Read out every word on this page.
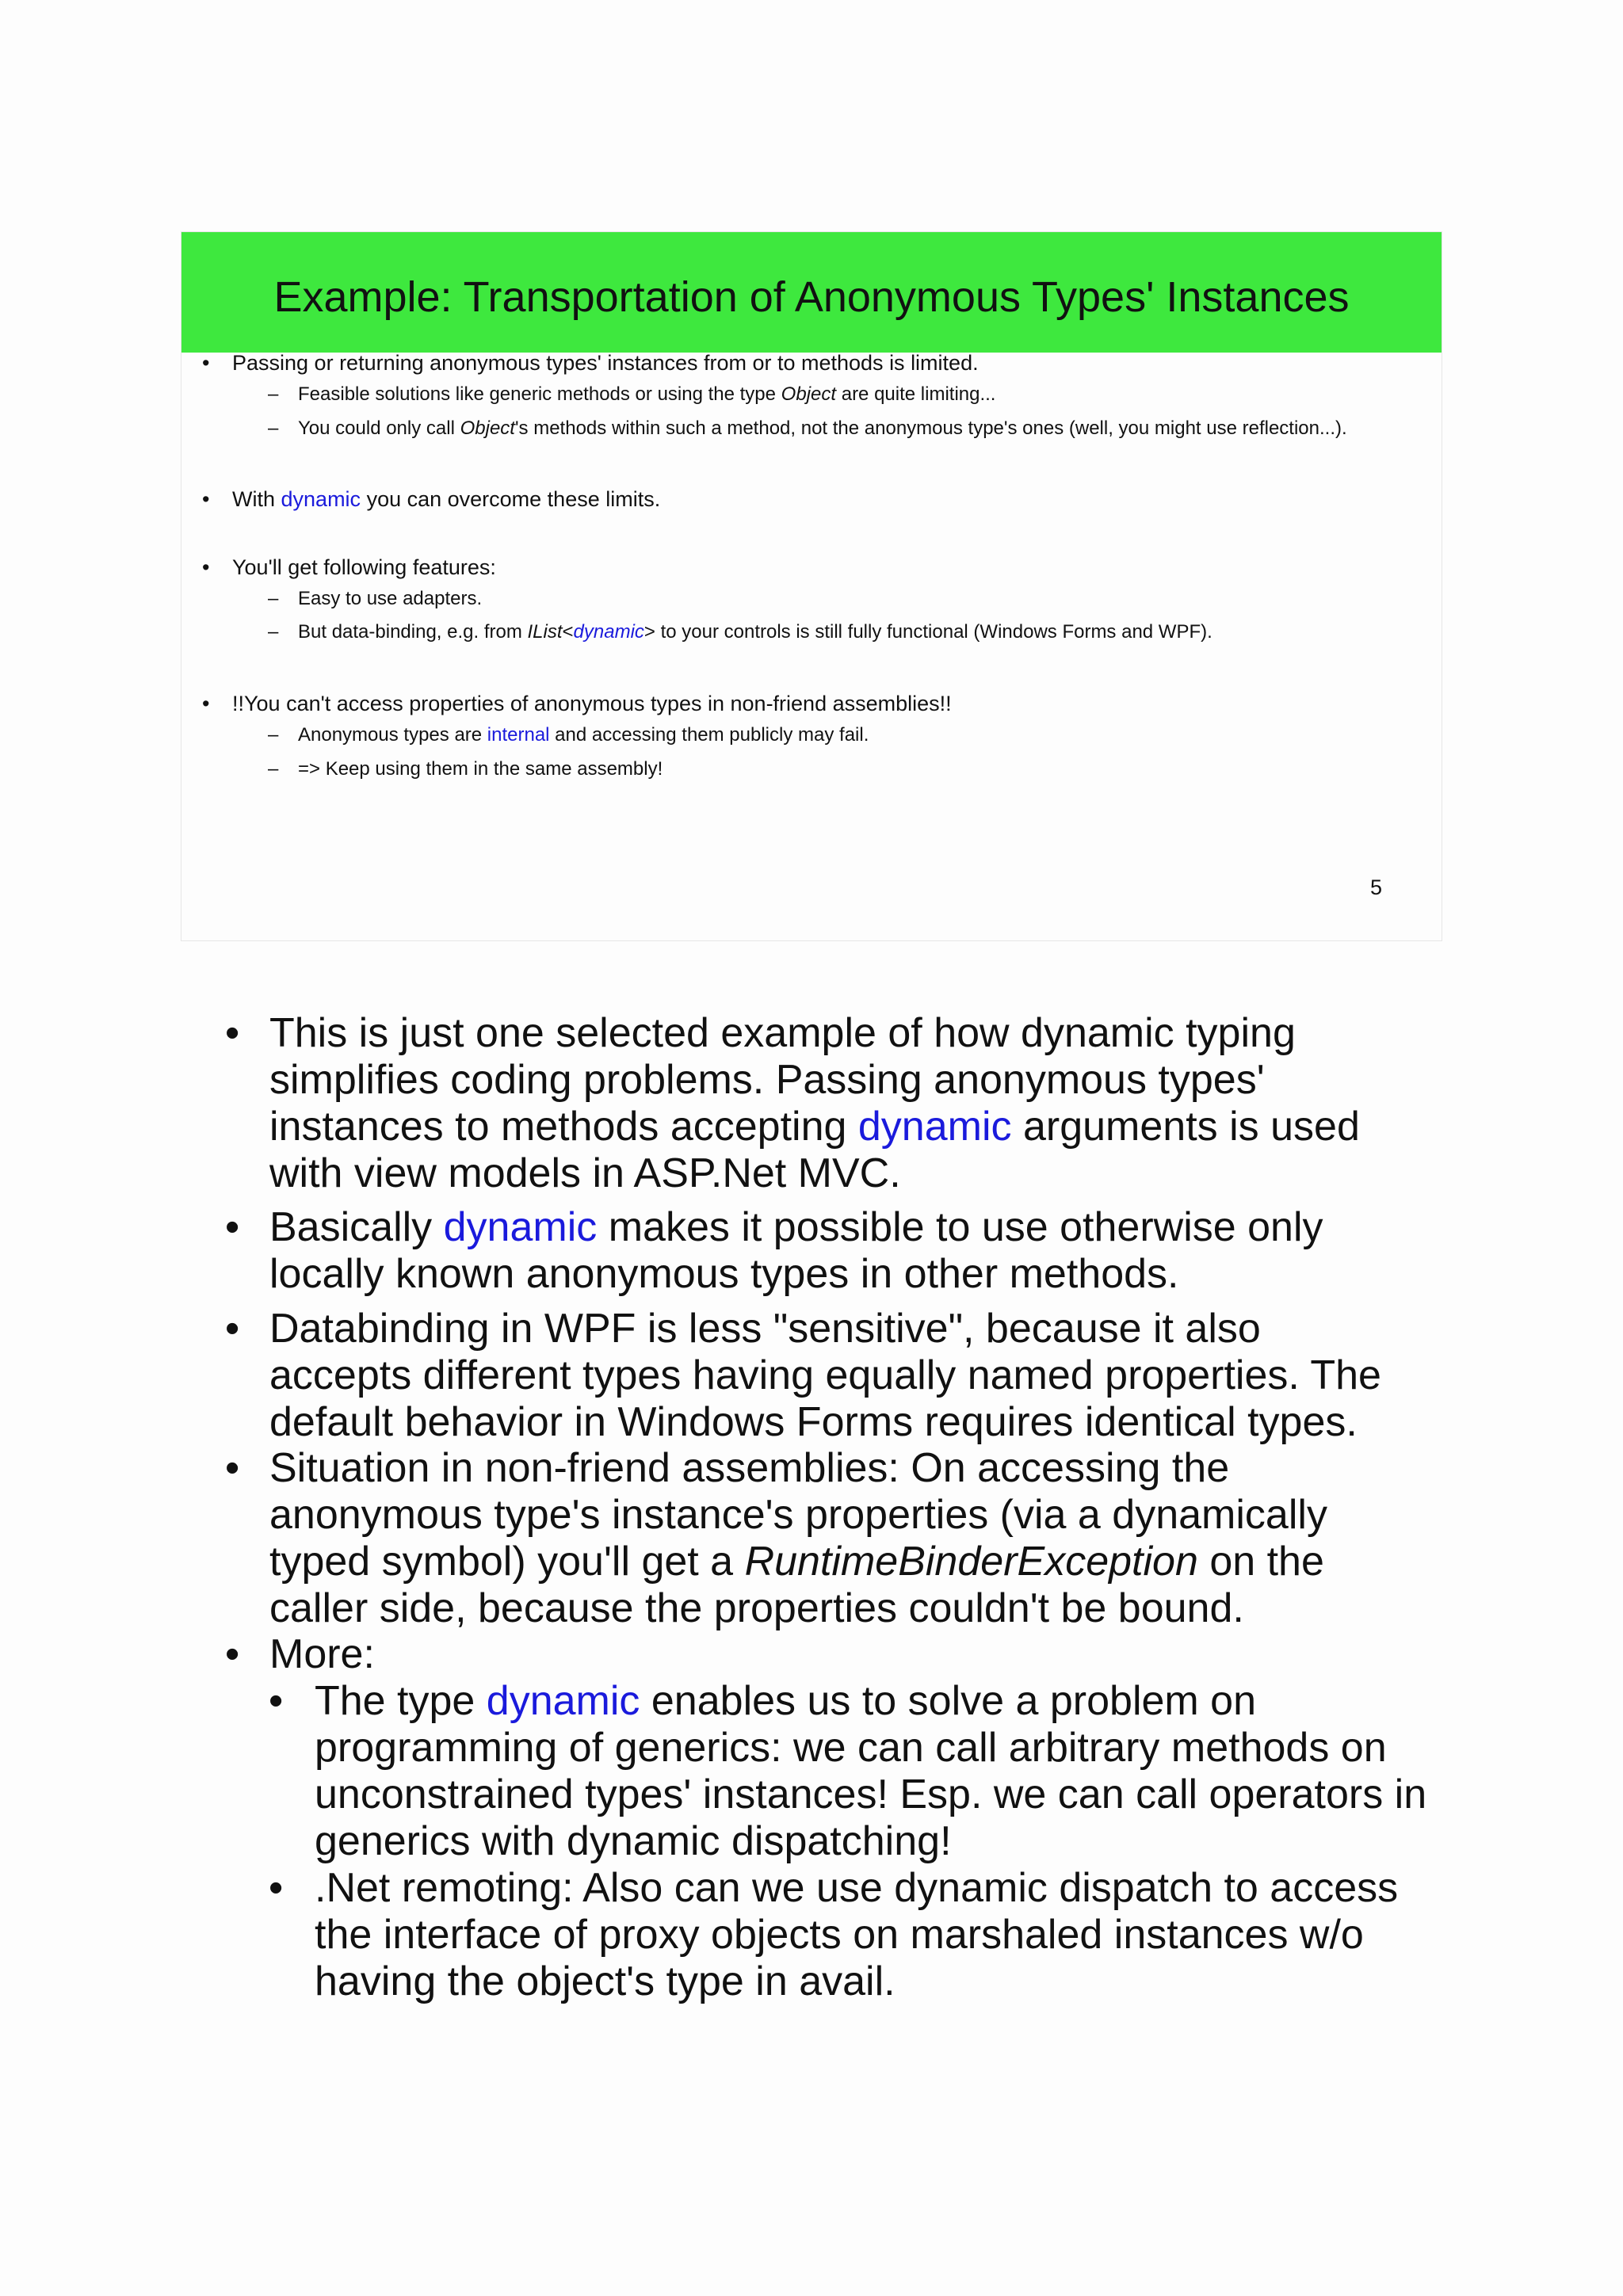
Example: Transportation of Anonymous Types' Instances
• Passing or returning anonymous types' instances from or to methods is limited.
– Feasible solutions like generic methods or using the type Object are quite limiting...
– You could only call Object's methods within such a method, not the anonymous type's ones (well, you might use reflection...).
• With dynamic you can overcome these limits.
• You'll get following features:
– Easy to use adapters.
– But data-binding, e.g. from IList<dynamic> to your controls is still fully functional (Windows Forms and WPF).
• !!You can't access properties of anonymous types in non-friend assemblies!!
– Anonymous types are internal and accessing them publicly may fail.
– => Keep using them in the same assembly!
5
• This is just one selected example of how dynamic typing simplifies coding problems. Passing anonymous types' instances to methods accepting dynamic arguments is used with view models in ASP.Net MVC.
• Basically dynamic makes it possible to use otherwise only locally known anonymous types in other methods.
• Databinding in WPF is less "sensitive", because it also accepts different types having equally named properties. The default behavior in Windows Forms requires identical types.
• Situation in non-friend assemblies: On accessing the anonymous type's instance's properties (via a dynamically typed symbol) you'll get a RuntimeBinderException on the caller side, because the properties couldn't be bound.
• More:
• The type dynamic enables us to solve a problem on programming of generics: we can call arbitrary methods on unconstrained types' instances! Esp. we can call operators in generics with dynamic dispatching!
• .Net remoting: Also can we use dynamic dispatch to access the interface of proxy objects on marshaled instances w/o having the object's type in avail.
